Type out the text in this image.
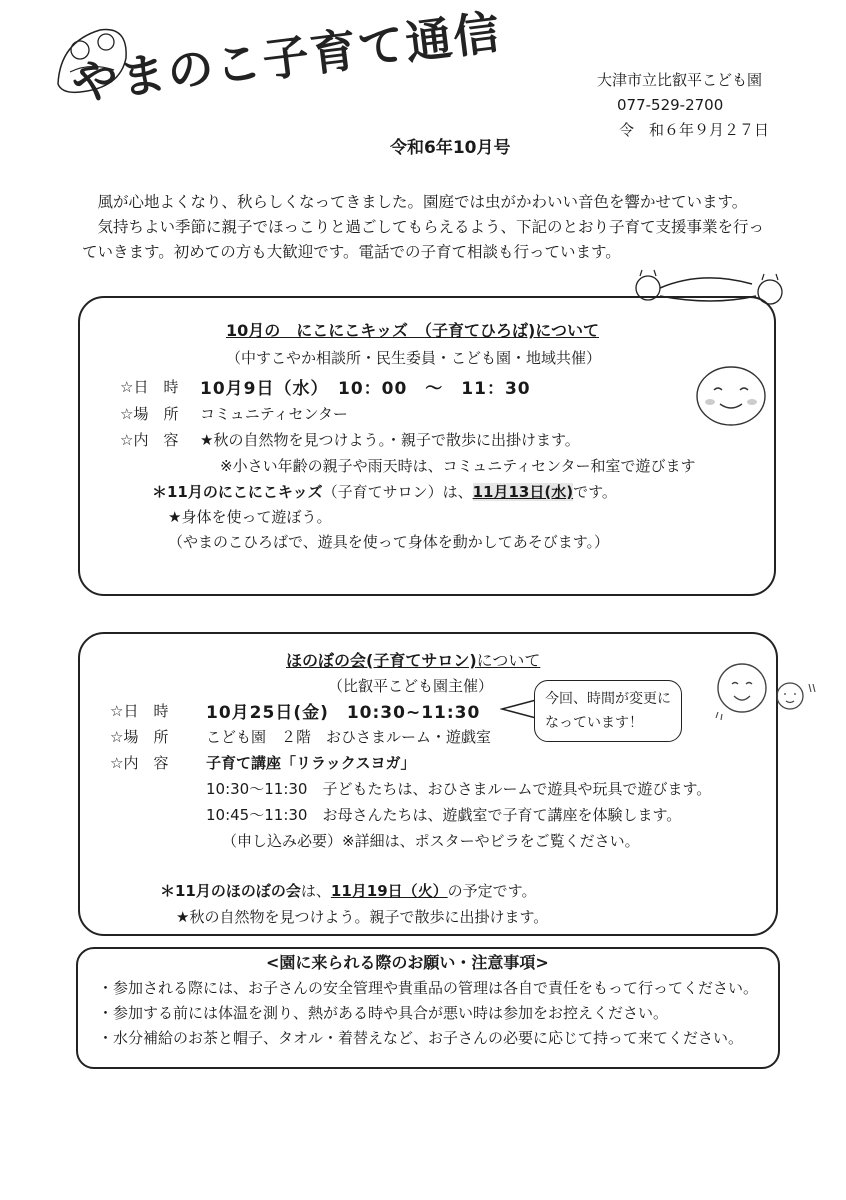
やまのこ子育て通信
令和6年10月号
大津市立比叡平こども園
077-529-2700
令　和６年９月２７日

　風が心地よくなり、秋らしくなってきました。園庭では虫がかわいい音色を響かせています。

　気持ちよい季節に親子でほっこりと過ごしてもらえるよう、下記のとおり子育て支援事業を行っていきます。初めての方も大歓迎です。電話での子育て相談も行っています。

10月の　にこにこキッズ　（子育てひろば)について
（中すこやか相談所・民生委員・こども園・地域共催）
☆日　時 10月9日（水）　10：00　～　11：30
☆場　所 コミュニティセンター
☆内　容 ★秋の自然物を見つけよう。・親子で散歩に出掛けます。
※小さい年齢の親子や雨天時は、コミュニティセンター和室で遊びます
＊11月のにこにこキッズ（子育てサロン）は、11月13日(水)です。
★身体を使って遊ぼう。
（やまのこひろばで、遊具を使って身体を動かしてあそびます。）
ほのぼの会(子育てサロン)について
（比叡平こども園主催）
☆日　時 10月25日(金)　10:30~11:30
☆場　所	こども園　２階　おひさまルーム・遊戯室
☆内　容	子育て講座「リラックスヨガ」
10:30～11:30　子どもたちは、おひさまルームで遊具や玩具で遊びます。
10:45～11:30　お母さんたちは、遊戯室で子育て講座を体験します。
（申し込み必要）※詳細は、ポスターやビラをご覧ください。
＊11月のほのぼの会は、11月19日（火）の予定です。
★秋の自然物を見つけよう。親子で散歩に出掛けます。
今回、時間が変更に
なっています！
<園に来られる際のお願い・注意事項>
・参加される際には、お子さんの安全管理や貴重品の管理は各自で責任をもって行ってください。
・参加する前には体温を測り、熱がある時や具合が悪い時は参加をお控えください。
・水分補給のお茶と帽子、タオル・着替えなど、お子さんの必要に応じて持って来てください。
